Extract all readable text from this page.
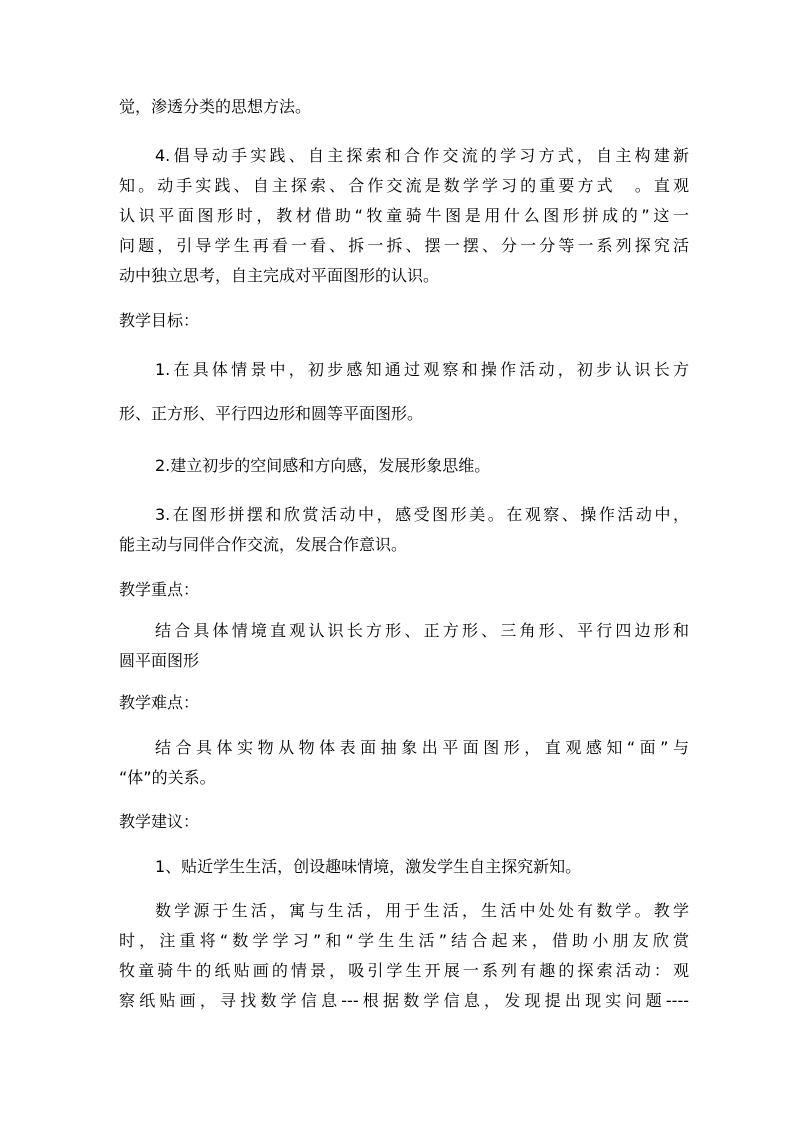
觉，渗透分类的思想方法。
4.倡导动手实践、自主探索和合作交流的学习方式，自主构建新
知。动手实践、自主探索、合作交流是数学学习的重要方式　。直观
认识平面图形时，教材借助“牧童骑牛图是用什么图形拼成的”这一
问题，引导学生再看一看、拆一拆、摆一摆、分一分等一系列探究活
动中独立思考，自主完成对平面图形的认识。
教学目标：
1.在具体情景中，初步感知通过观察和操作活动，初步认识长方
形、正方形、平行四边形和圆等平面图形。
2.建立初步的空间感和方向感，发展形象思维。
3.在图形拼摆和欣赏活动中，感受图形美。在观察、操作活动中，
能主动与同伴合作交流，发展合作意识。
教学重点：
结合具体情境直观认识长方形、正方形、三角形、平行四边形和
圆平面图形
教学难点：
结合具体实物从物体表面抽象出平面图形，直观感知“面”与
“体”的关系。
教学建议：
1、贴近学生生活，创设趣味情境，激发学生自主探究新知。
数学源于生活，寓与生活，用于生活，生活中处处有数学。教学
时，注重将“数学学习”和“学生生活”结合起来，借助小朋友欣赏
牧童骑牛的纸贴画的情景，吸引学生开展一系列有趣的探索活动：观
察纸贴画，寻找数学信息---根据数学信息，发现提出现实问题----
